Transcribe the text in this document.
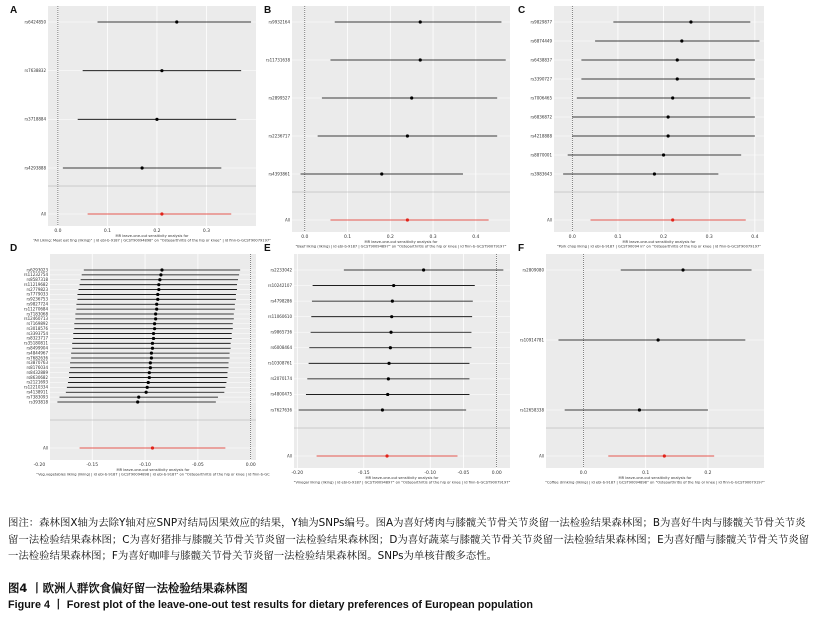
A
0.0	0.1	0.2	0.3
rs6424850
rs7638832
rs3718884
rs4293888
All
MR leave-one-out sensitivity analysis for
“All Liking: Meat eat ting (liking)” | id ebi-b-9187 | GCST90094898” on “Osteoarthritis of the hip or knee” | id finn-b-GCST90079197”
B
0.0	0.1	0.2	0.3	0.4
rs9932164
rs11731638
rs2899527
rs2236717
rs4393861
All
MR leave-one-out sensitivity analysis for
“Beef liking (liking) | id ebi-b-9187 | GCST90094897” on “Osteoarthritis of the hip or knee | id finn-b-GCST90079197”
C
0.0	0.1	0.2	0.3	0.4
rs9829877
rs6874449
rs6438837
rs3390727
rs7006465
rs6836872
rs4218888
rs8870001
rs3983643
All
MR leave-one-out sensitivity analysis for
“Pork chop liking | id ebi-b-9187 | GCST90094 in” on “Osteoarthritis of the hip or knee | id finn-b-GCST90079197”
D
-0.20	-0.15	-0.10	-0.05	0.00
rs6293023
rs11232754
rs8587318
rs11219682
rs2779823
rs7779033
rs9236753
rs9827724
rs11270684
rs7183068
rs12460713
rs7169892
rs3018576
rs3393754
rs8323717
rs35180811
rs8499904
rs4844967
rs7682636
rs3870763
rs8176034
rs8432889
rs8630682
rs2121693
rs12210334
rs4138911
rs7383093
rs393818
All
MR leave-one-out sensitivity analysis for
“Veg.vegetables liking (liking) | id ebi-b-9187 | GCST90094898 | id ebi-b-9187” on “Osteoarthritis of the hip or knee | id finn-b-GC
E
-0.20	-0.15	-0.10	-0.05	0.00
rs2233042
rs10242107
rs4798286
rs11060610
rs9865736
rs6008464
rs10308761
rs2070174
rs4800475
rs7627636
All
MR leave-one-out sensitivity analysis for
“Vinegar liking (liking) | id ebi-b-9187 | GCST90094897” on “Osteoarthritis of the hip or knee | id finn-b-GCST90079197”
F
0.0	0.1	0.2
rs2809080
rs10914781
rs12658338
All
MR leave-one-out sensitivity analysis for
“Coffee drinking (liking) | id ebi-b-9187 | GCST90094898” on “Osteoarthritis of the hip or knee | id finn-b-GCST90079197”
图注：森林图X轴为去除Y轴对应SNP对结局因果效应的结果，Y轴为SNPs编号。图A为喜好烤肉与膝髋关节骨关节炎留一法检验结果森林图；B为喜好牛肉与膝髋关节骨关节炎留一法检验结果森林图；C为喜好猪排与膝髋关节骨关节炎留一法检验结果森林图；D为喜好蔬菜与膝髋关节骨关节炎留一法检验结果森林图；E为喜好醋与膝髋关节骨关节炎留一法检验结果森林图；F为喜好咖啡与膝髋关节骨关节炎留一法检验结果森林图。SNPs为单核苷酸多态性。
图4 丨欧洲人群饮食偏好留一法检验结果森林图
Figure 4 丨 Forest plot of the leave-one-out test results for dietary preferences of European population
